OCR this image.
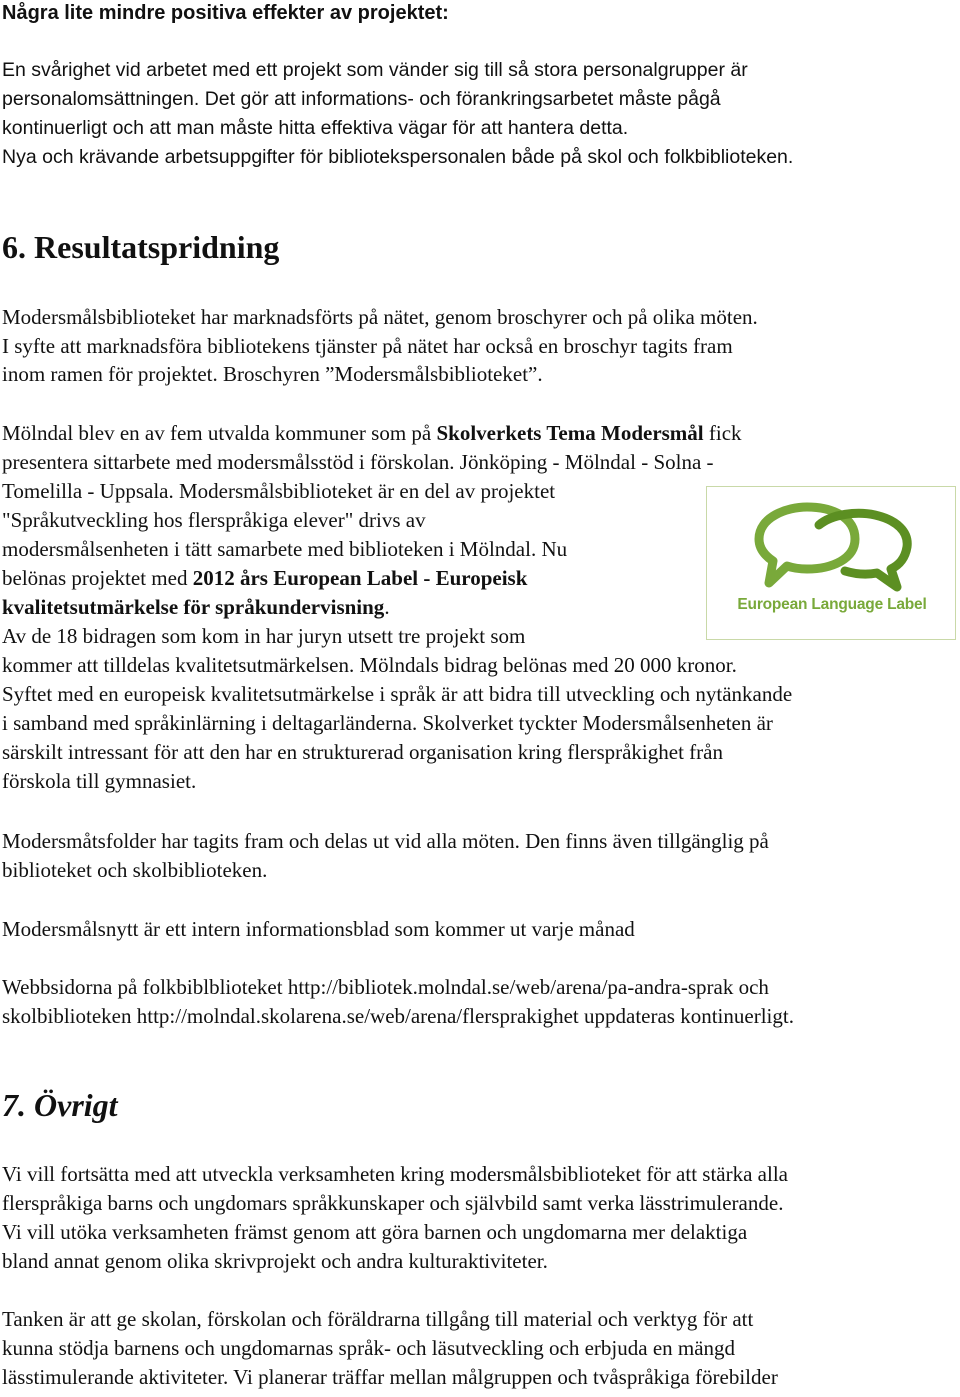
Några lite mindre positiva effekter av projektet:
En svårighet vid arbetet med ett projekt som vänder sig till så stora personalgrupper är
personalomsättningen. Det gör att informations- och förankringsarbetet måste pågå
kontinuerligt och att man måste hitta effektiva vägar för att hantera detta.
Nya och krävande arbetsuppgifter för bibliotekspersonalen både på skol och folkbiblioteken.
6. Resultatspridning
Modersmålsbiblioteket har marknadsförts på nätet, genom broschyrer och på olika möten.
I syfte att marknadsföra bibliotekens tjänster på nätet har också en broschyr tagits fram
inom ramen för projektet. Broschyren ”Modersmålsbiblioteket”.
Mölndal blev en av fem utvalda kommuner som på Skolverkets Tema Modersmål fick
presentera sittarbete med modersmålsstöd i förskolan. Jönköping - Mölndal - Solna -
Tomelilla - Uppsala. Modersmålsbiblioteket är en del av projektet
"Språkutveckling hos flerspråkiga elever" drivs av
modersmålsenheten i tätt samarbete med biblioteken i Mölndal. Nu
belönas projektet med 2012 års European Label - Europeisk
kvalitetsutmärkelse för språkundervisning.
Av de 18 bidragen som kom in har juryn utsett tre projekt som
kommer att tilldelas kvalitetsutmärkelsen. Mölndals bidrag belönas med 20 000 kronor.
Syftet med en europeisk kvalitetsutmärkelse i språk är att bidra till utveckling och nytänkande
i samband med språkinlärning i deltagarländerna. Skolverket tyckter Modersmålsenheten är
särskilt intressant för att den har en strukturerad organisation kring flerspråkighet från
förskola till gymnasiet.
European Language Label
Modersmåtsfolder har tagits fram och delas ut vid alla möten. Den finns även tillgänglig på
biblioteket och skolbiblioteken.
Modersmålsnytt är ett intern informationsblad som kommer ut varje månad
Webbsidorna på folkbiblblioteket http://bibliotek.molndal.se/web/arena/pa-andra-sprak och
skolbiblioteken http://molndal.skolarena.se/web/arena/flersprakighet uppdateras kontinuerligt.
7. Övrigt
Vi vill fortsätta med att utveckla verksamheten kring modersmålsbiblioteket för att stärka alla
flerspråkiga barns och ungdomars språkkunskaper och självbild samt verka lässtrimulerande.
Vi vill utöka verksamheten främst genom att göra barnen och ungdomarna mer delaktiga
bland annat genom olika skrivprojekt och andra kulturaktiviteter.
Tanken är att ge skolan, förskolan och föräldrarna tillgång till material och verktyg för att
kunna stödja barnens och ungdomarnas språk- och läsutveckling och erbjuda en mängd
lässtimulerande aktiviteter. Vi planerar träffar mellan målgruppen och tvåspråkiga förebilder
